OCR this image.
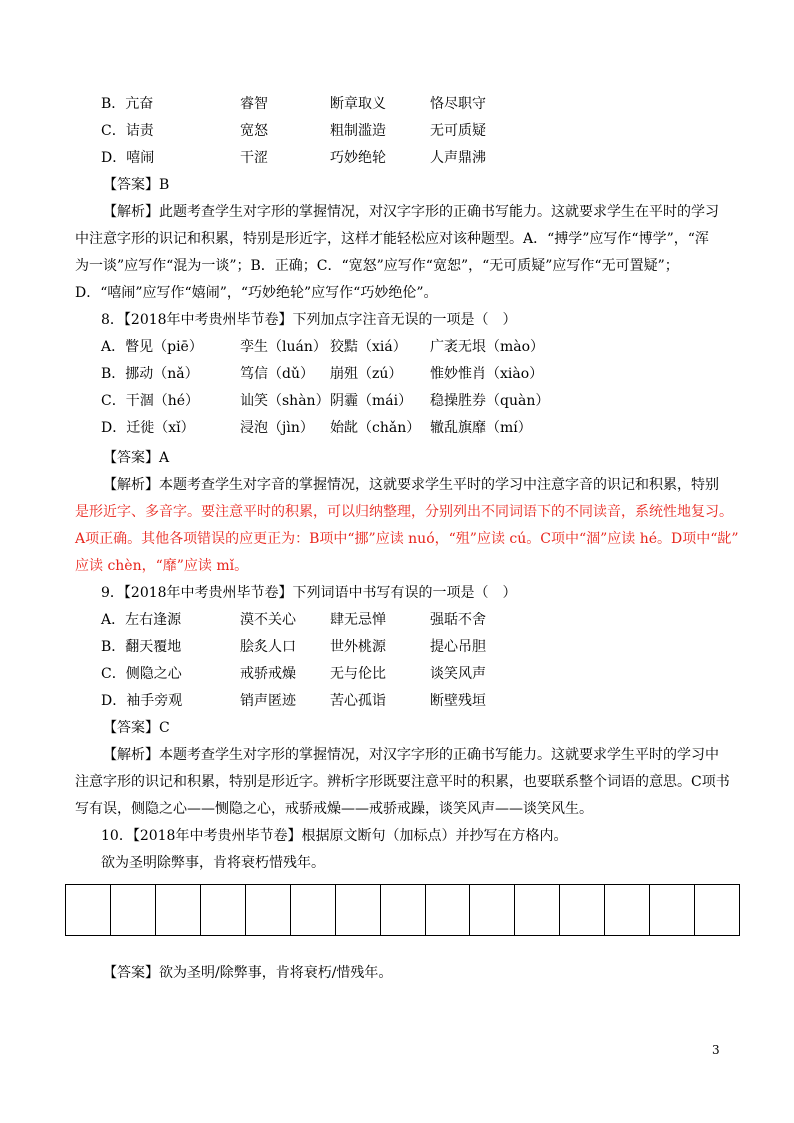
B．亢奋	睿智	断章取义	恪尽职守
C．诘责	宽怒	粗制滥造	无可质疑
D．嘻闹	干涩	巧妙绝轮	人声鼎沸
【答案】B
【解析】此题考查学生对字形的掌握情况，对汉字字形的正确书写能力。这就要求学生在平时的学习
中注意字形的识记和积累，特别是形近字，这样才能轻松应对该种题型。A．“搏学”应写作“博学”，“浑
为一谈”应写作“混为一谈”；B．正确；C．“宽怒”应写作“宽恕”，“无可质疑”应写作“无可置疑”；
D．“嘻闹”应写作“嬉闹”，“巧妙绝轮”应写作“巧妙绝伦”。
8．【2018年中考贵州毕节卷】下列加点字注音无误的一项是（　）
A．瞥见（piē）	孪生（luán） 狡黠（xiá） 广袤无垠（mào）
B．挪动（nǎ）	笃信（dǔ） 崩殂（zú） 惟妙惟肖（xiào）
C．干涸（hé）	讪笑（shàn） 阴霾（mái） 稳操胜券（quàn）
D．迁徙（xǐ）	浸泡（jìn） 始龀（chǎn） 辙乱旗靡（mí）
【答案】A
【解析】本题考查学生对字音的掌握情况，这就要求学生平时的学习中注意字音的识记和积累，特别
是形近字、多音字。要注意平时的积累，可以归纳整理，分别列出不同词语下的不同读音，系统性地复习。
A项正确。其他各项错误的应更正为：B项中“挪”应读 nuó，“殂”应读 cú。C项中“涸”应读 hé。D项中“龀”
应读 chèn，“靡”应读 mǐ。
9．【2018年中考贵州毕节卷】下列词语中书写有误的一项是（　）
A．左右逢源	漠不关心 肆无忌惮	强聒不舍
B．翻天覆地	脍炙人口 世外桃源	提心吊胆
C．侧隐之心	戒骄戒燥 无与伦比	谈笑风声
D．袖手旁观	销声匿迹 苦心孤诣	断壁残垣
【答案】C
【解析】本题考查学生对字形的掌握情况，对汉字字形的正确书写能力。这就要求学生平时的学习中
注意字形的识记和积累，特别是形近字。辨析字形既要注意平时的积累，也要联系整个词语的意思。C项书
写有误，侧隐之心——恻隐之心，戒骄戒燥——戒骄戒躁，谈笑风声——谈笑风生。
10．【2018年中考贵州毕节卷】根据原文断句（加标点）并抄写在方格内。
欲为圣明除弊事，肯将衰朽惜残年。
【答案】欲为圣明/除弊事，肯将衰朽/惜残年。
3
